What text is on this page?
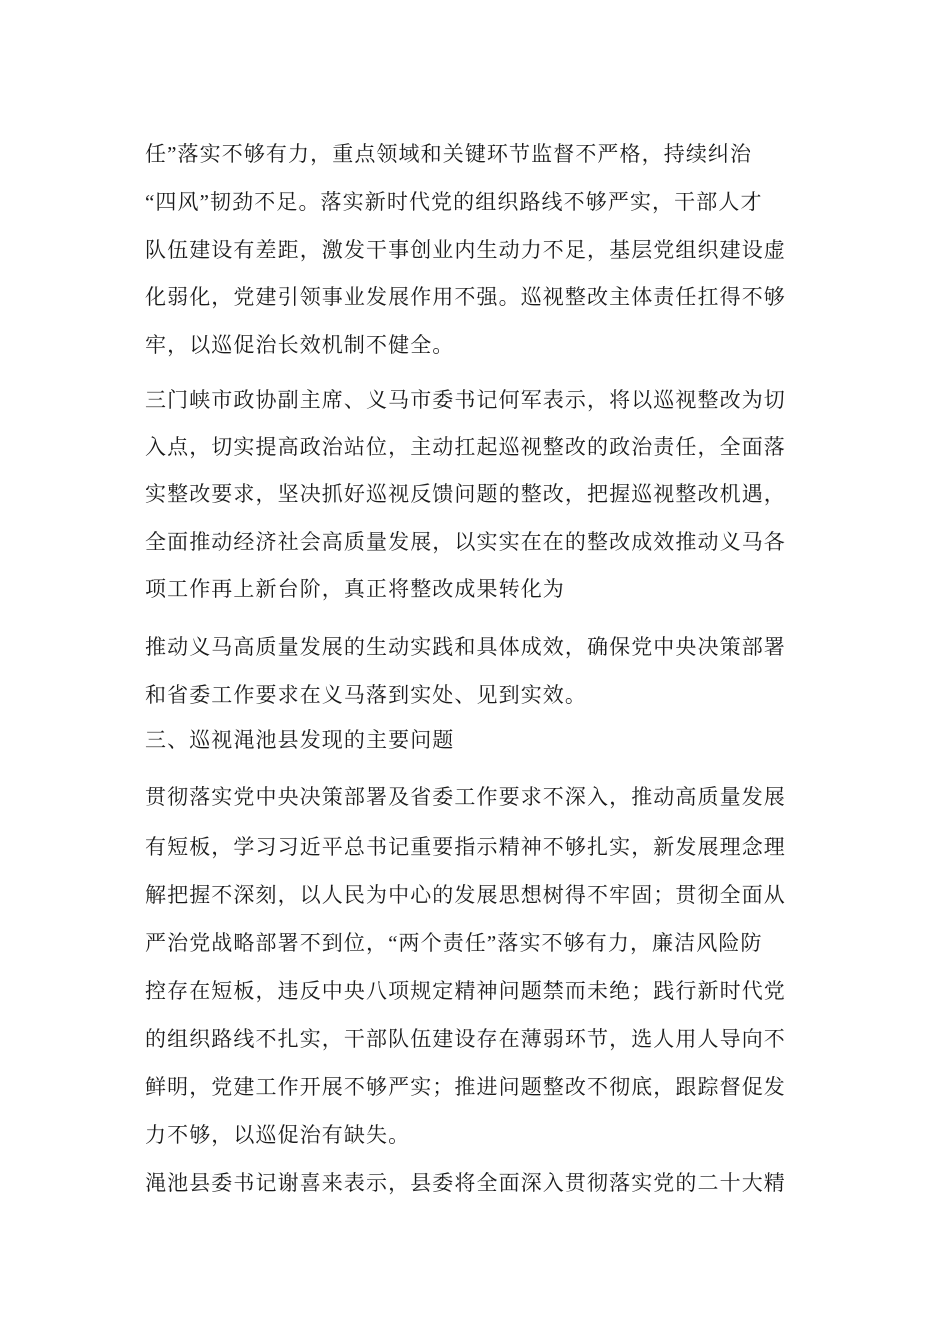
任”落实不够有力，重点领域和关键环节监督不严格，持续纠治
“四风”韧劲不足。落实新时代党的组织路线不够严实，干部人才
队伍建设有差距，激发干事创业内生动力不足，基层党组织建设虚
化弱化，党建引领事业发展作用不强。巡视整改主体责任扛得不够
牢，以巡促治长效机制不健全。
三门峡市政协副主席、义马市委书记何军表示，将以巡视整改为切
入点，切实提高政治站位，主动扛起巡视整改的政治责任，全面落
实整改要求，坚决抓好巡视反馈问题的整改，把握巡视整改机遇，
全面推动经济社会高质量发展，以实实在在的整改成效推动义马各
项工作再上新台阶，真正将整改成果转化为
推动义马高质量发展的生动实践和具体成效，确保党中央决策部署
和省委工作要求在义马落到实处、见到实效。
三、巡视渑池县发现的主要问题
贯彻落实党中央决策部署及省委工作要求不深入，推动高质量发展
有短板，学习习近平总书记重要指示精神不够扎实，新发展理念理
解把握不深刻，以人民为中心的发展思想树得不牢固；贯彻全面从
严治党战略部署不到位，“两个责任”落实不够有力，廉洁风险防
控存在短板，违反中央八项规定精神问题禁而未绝；践行新时代党
的组织路线不扎实，干部队伍建设存在薄弱环节，选人用人导向不
鲜明，党建工作开展不够严实；推进问题整改不彻底，跟踪督促发
力不够，以巡促治有缺失。
渑池县委书记谢喜来表示，县委将全面深入贯彻落实党的二十大精
